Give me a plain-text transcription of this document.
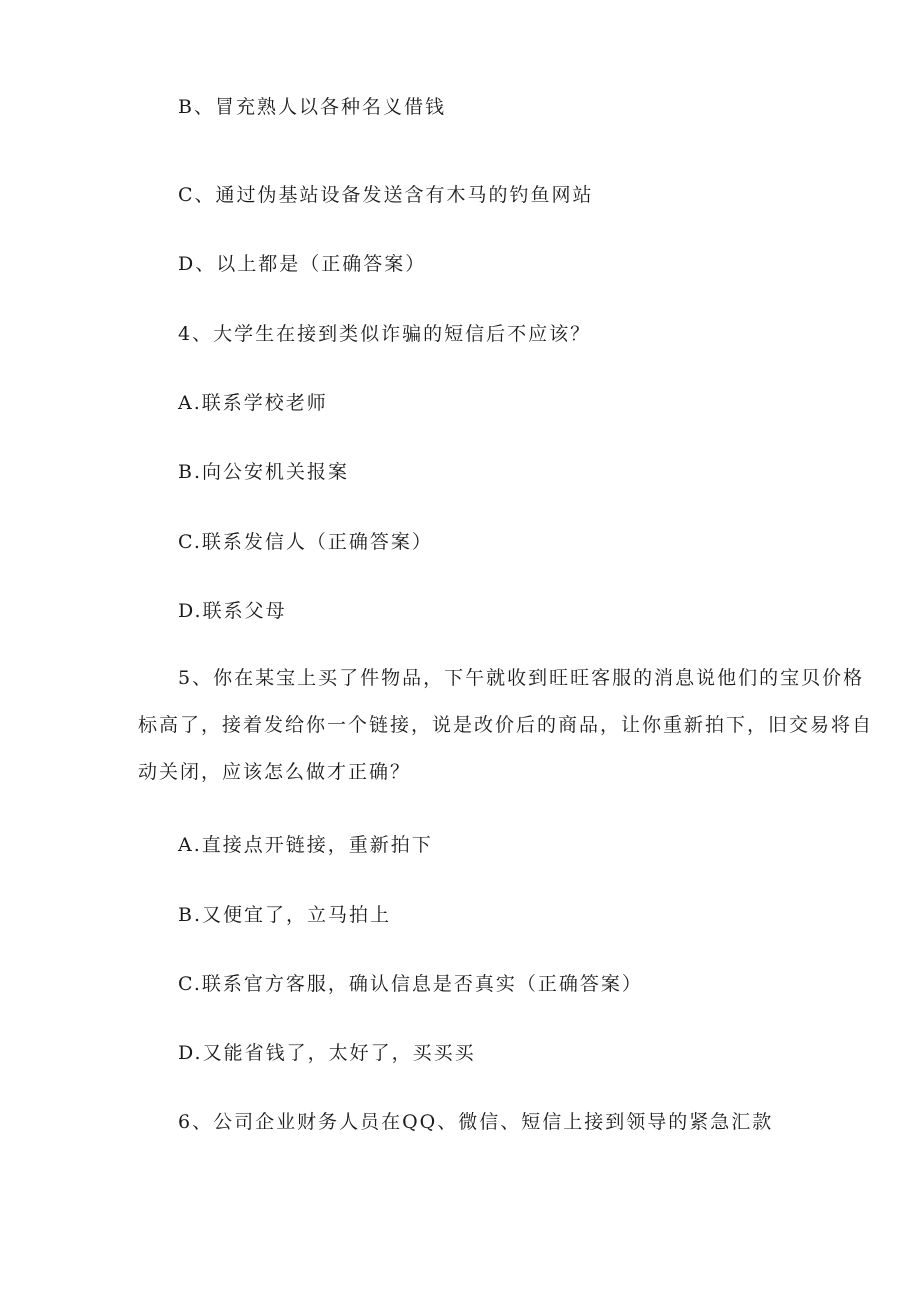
B、冒充熟人以各种名义借钱
C、通过伪基站设备发送含有木马的钓鱼网站
D、以上都是（正确答案）
4、大学生在接到类似诈骗的短信后不应该？
A.联系学校老师
B.向公安机关报案
C.联系发信人（正确答案）
D.联系父母
5、你在某宝上买了件物品，下午就收到旺旺客服的消息说他们的宝贝价格
标高了，接着发给你一个链接，说是改价后的商品，让你重新拍下，旧交易将自
动关闭，应该怎么做才正确？
A.直接点开链接，重新拍下
B.又便宜了，立马拍上
C.联系官方客服，确认信息是否真实（正确答案）
D.又能省钱了，太好了，买买买
6、公司企业财务人员在QQ、微信、短信上接到领导的紧急汇款
